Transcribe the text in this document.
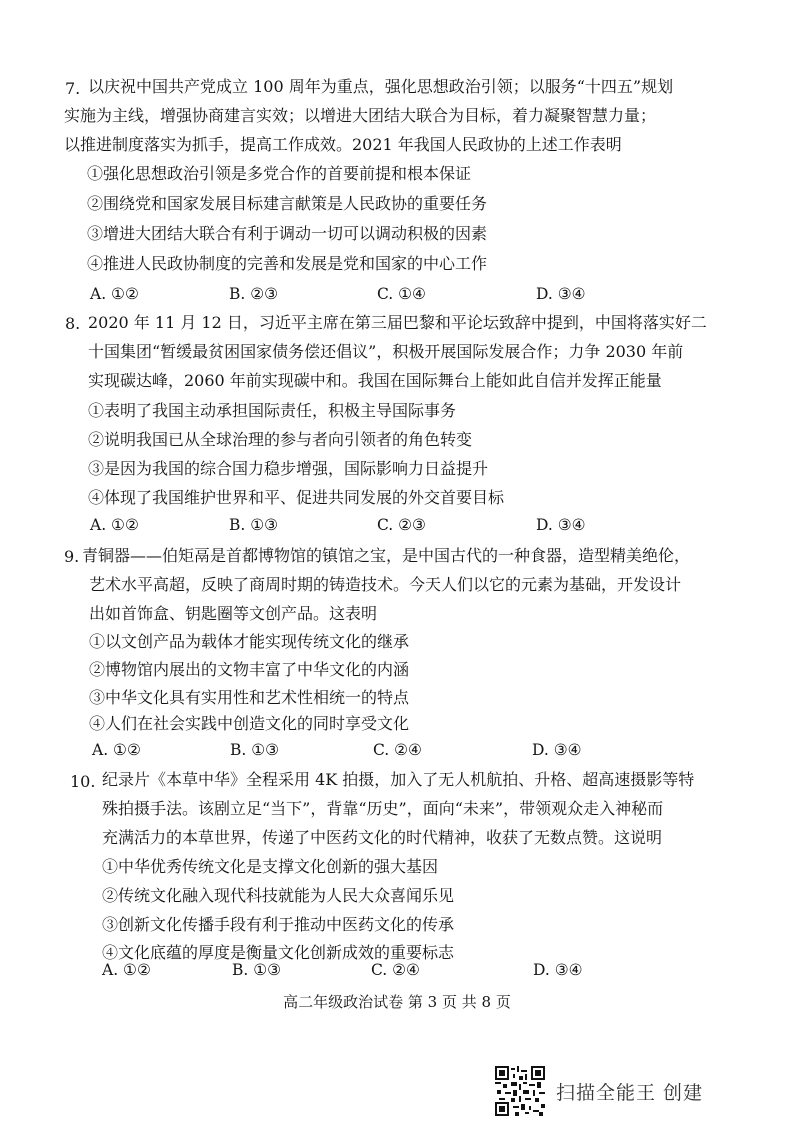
7. 以庆祝中国共产党成立 100 周年为重点，强化思想政治引领；以服务“十四五”规划
实施为主线，增强协商建言实效；以增进大团结大联合为目标，着力凝聚智慧力量；
以推进制度落实为抓手，提高工作成效。2021 年我国人民政协的上述工作表明
①强化思想政治引领是多党合作的首要前提和根本保证
②围绕党和国家发展目标建言献策是人民政协的重要任务
③增进大团结大联合有利于调动一切可以调动积极的因素
④推进人民政协制度的完善和发展是党和国家的中心工作
A. ①②	B. ②③	C. ①④	D. ③④
8. 2020 年 11 月 12 日，习近平主席在第三届巴黎和平论坛致辞中提到，中国将落实好二
十国集团“暂缓最贫困国家债务偿还倡议”，积极开展国际发展合作；力争 2030 年前
实现碳达峰，2060 年前实现碳中和。我国在国际舞台上能如此自信并发挥正能量
①表明了我国主动承担国际责任，积极主导国际事务
②说明我国已从全球治理的参与者向引领者的角色转变
③是因为我国的综合国力稳步增强，国际影响力日益提升
④体现了我国维护世界和平、促进共同发展的外交首要目标
A. ①②	B. ①③	C. ②③	D. ③④
9. 青铜器——伯矩鬲是首都博物馆的镇馆之宝，是中国古代的一种食器，造型精美绝伦，
艺术水平高超，反映了商周时期的铸造技术。今天人们以它的元素为基础，开发设计
出如首饰盒、钥匙圈等文创产品。这表明
①以文创产品为载体才能实现传统文化的继承
②博物馆内展出的文物丰富了中华文化的内涵
③中华文化具有实用性和艺术性相统一的特点
④人们在社会实践中创造文化的同时享受文化
A. ①②	B. ①③	C. ②④	D. ③④
10. 纪录片《本草中华》全程采用 4K 拍摄，加入了无人机航拍、升格、超高速摄影等特
殊拍摄手法。该剧立足“当下”，背靠“历史”，面向“未来”，带领观众走入神秘而
充满活力的本草世界，传递了中医药文化的时代精神，收获了无数点赞。这说明
①中华优秀传统文化是支撑文化创新的强大基因
②传统文化融入现代科技就能为人民大众喜闻乐见
③创新文化传播手段有利于推动中医药文化的传承
④文化底蕴的厚度是衡量文化创新成效的重要标志
A. ①②	B. ①③	C. ②④	D. ③④
高二年级政治试卷 第 3 页 共 8 页
扫描全能王 创建
